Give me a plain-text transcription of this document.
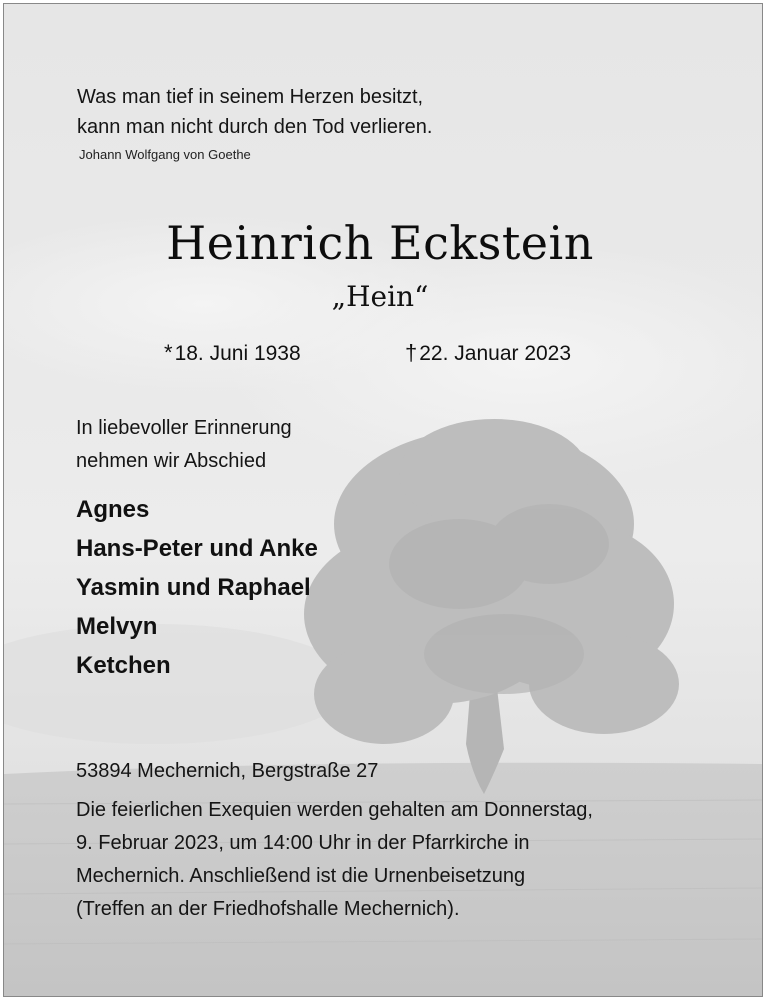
Was man tief in seinem Herzen besitzt,
kann man nicht durch den Tod verlieren.
Johann Wolfgang von Goethe
Heinrich Eckstein
„Hein“
*18. Juni 1938	†22. Januar 2023
In liebevoller Erinnerung
nehmen wir Abschied
Agnes
Hans-Peter und Anke
Yasmin und Raphael
Melvyn
Ketchen
53894 Mechernich, Bergstraße 27
Die feierlichen Exequien werden gehalten am Donnerstag,
9. Februar 2023, um 14:00 Uhr in der Pfarrkirche in
Mechernich. Anschließend ist die Urnenbeisetzung
(Treffen an der Friedhofshalle Mechernich).
